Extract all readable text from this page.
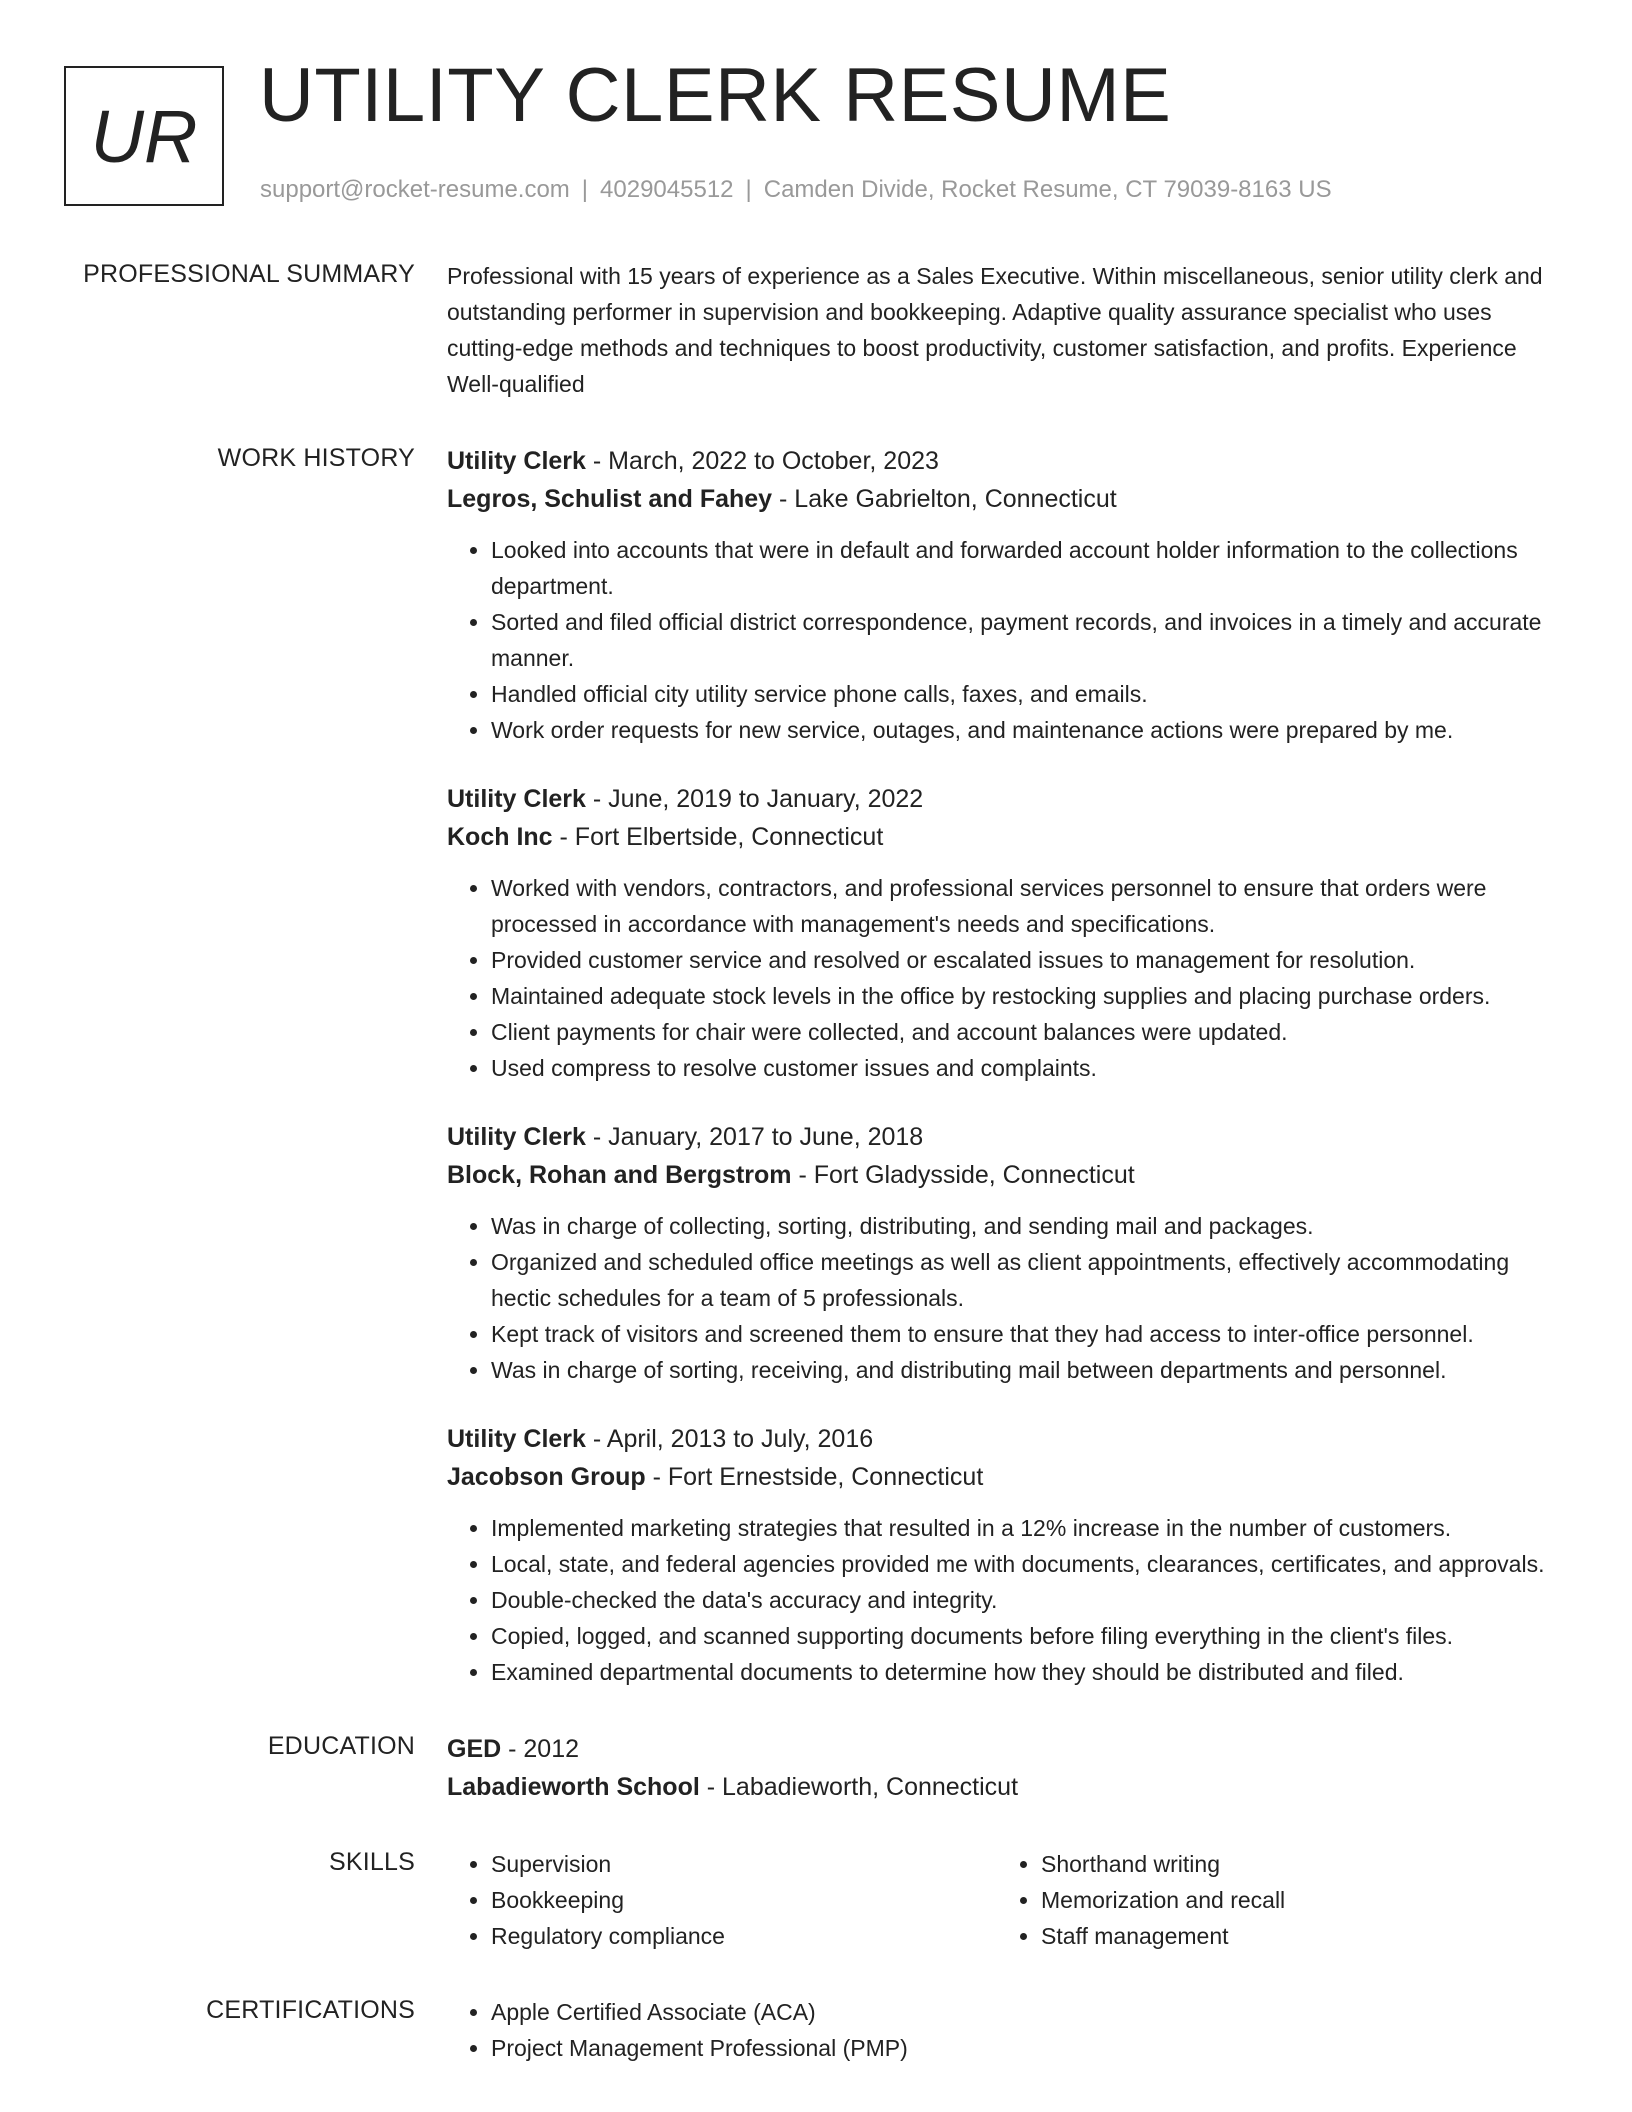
UR UTILITY CLERK RESUME
support@rocket-resume.com | 4029045512 | Camden Divide, Rocket Resume, CT 79039-8163 US
PROFESSIONAL SUMMARY Professional with 15 years of experience as a Sales Executive. Within miscellaneous, senior utility clerk and outstanding performer in supervision and bookkeeping. Adaptive quality assurance specialist who uses cutting-edge methods and techniques to boost productivity, customer satisfaction, and profits. Experience Well-qualified

WORK HISTORY Utility Clerk - March, 2022 to October, 2023
Legros, Schulist and Fahey - Lake Gabrielton, Connecticut
• Looked into accounts that were in default and forwarded account holder information to the collections department.
• Sorted and filed official district correspondence, payment records, and invoices in a timely and accurate manner.
• Handled official city utility service phone calls, faxes, and emails.
• Work order requests for new service, outages, and maintenance actions were prepared by me.
Utility Clerk - June, 2019 to January, 2022
Koch Inc - Fort Elbertside, Connecticut
• Worked with vendors, contractors, and professional services personnel to ensure that orders were processed in accordance with management's needs and specifications.
• Provided customer service and resolved or escalated issues to management for resolution.
• Maintained adequate stock levels in the office by restocking supplies and placing purchase orders.
• Client payments for chair were collected, and account balances were updated.
• Used compress to resolve customer issues and complaints.
Utility Clerk - January, 2017 to June, 2018
Block, Rohan and Bergstrom - Fort Gladysside, Connecticut
• Was in charge of collecting, sorting, distributing, and sending mail and packages.
• Organized and scheduled office meetings as well as client appointments, effectively accommodating hectic schedules for a team of 5 professionals.
• Kept track of visitors and screened them to ensure that they had access to inter-office personnel.
• Was in charge of sorting, receiving, and distributing mail between departments and personnel.
Utility Clerk - April, 2013 to July, 2016
Jacobson Group - Fort Ernestside, Connecticut
• Implemented marketing strategies that resulted in a 12% increase in the number of customers.
• Local, state, and federal agencies provided me with documents, clearances, certificates, and approvals.
• Double-checked the data's accuracy and integrity.
• Copied, logged, and scanned supporting documents before filing everything in the client's files.
• Examined departmental documents to determine how they should be distributed and filed.
EDUCATION GED - 2012
Labadieworth School - Labadieworth, Connecticut
SKILLS	• Supervision
• Bookkeeping
• Regulatory compliance
• Shorthand writing
• Memorization and recall
• Staff management
CERTIFICATIONS	• Apple Certified Associate (ACA)
• Project Management Professional (PMP)
